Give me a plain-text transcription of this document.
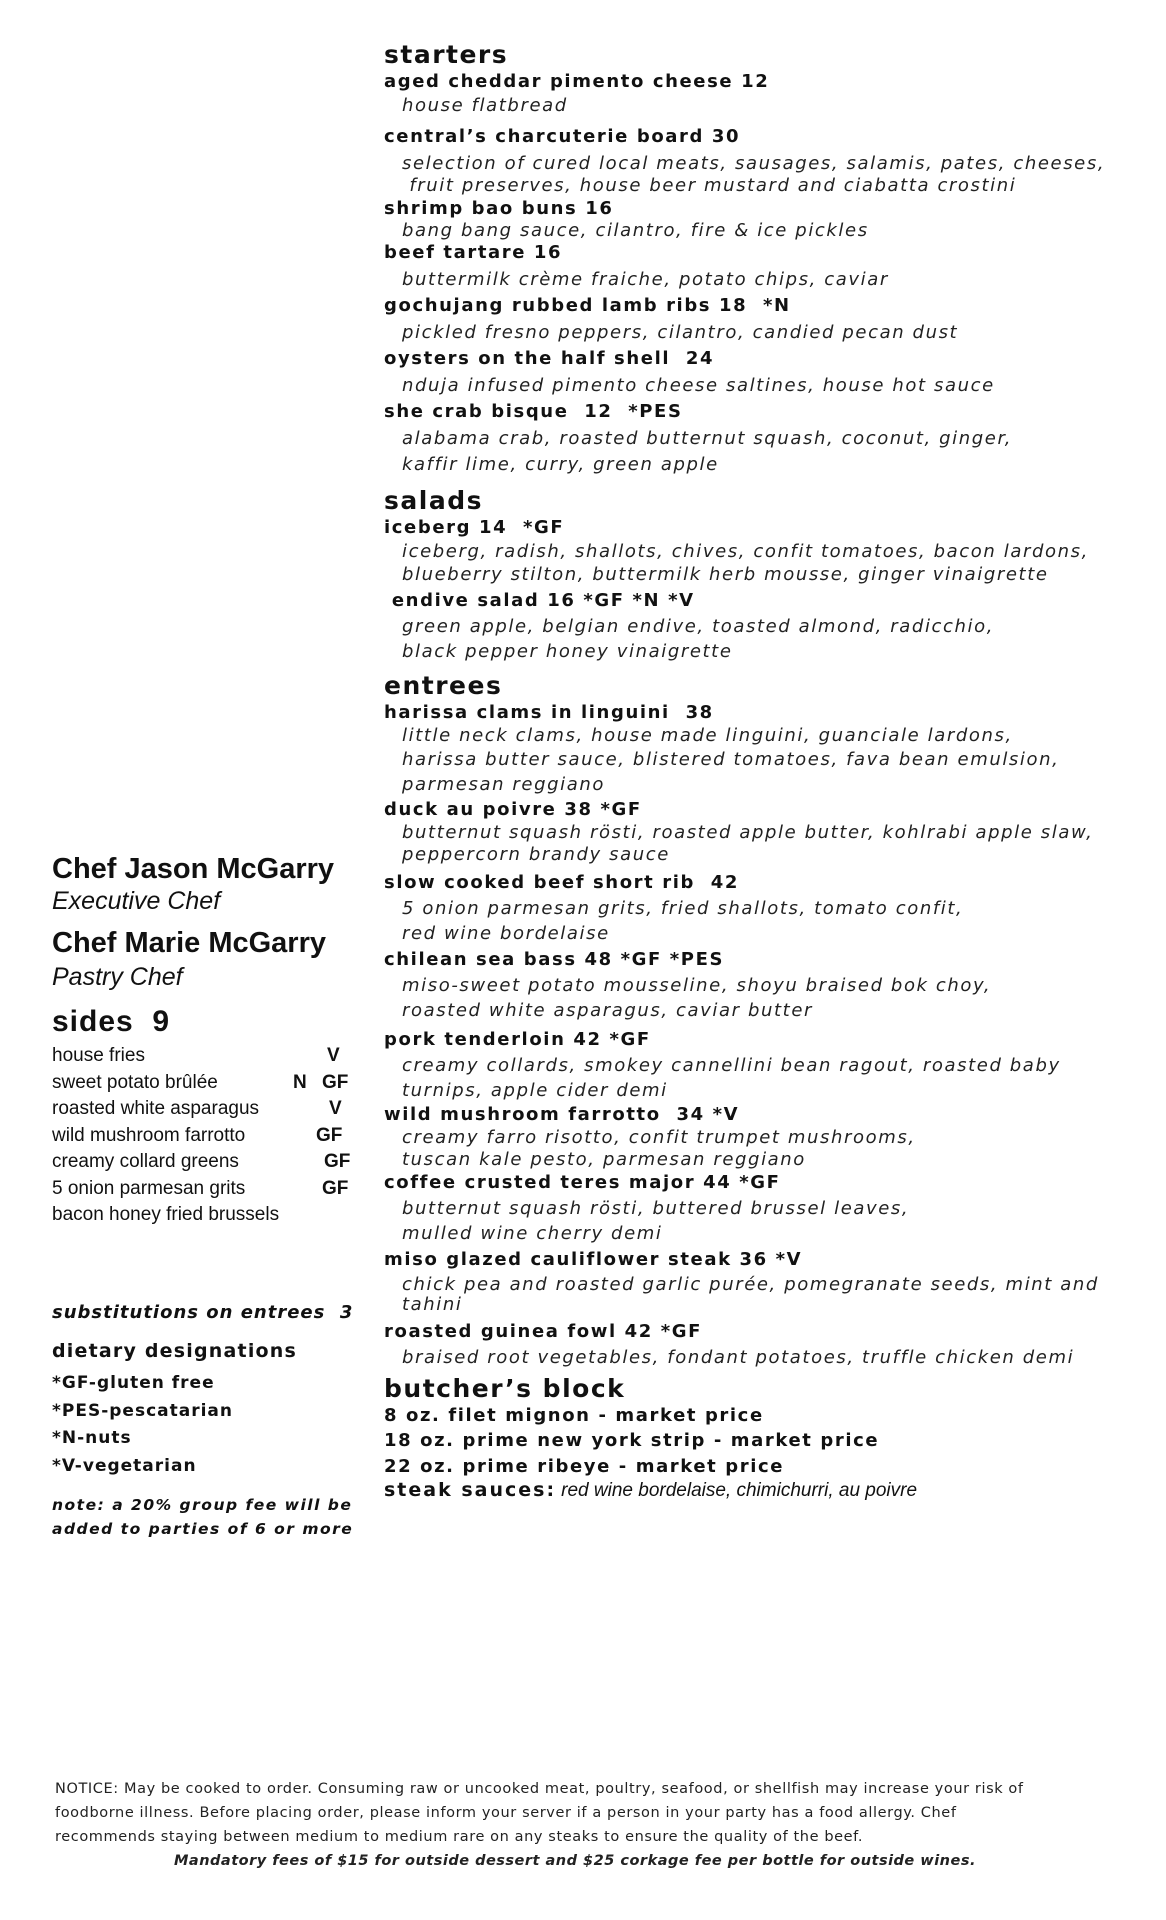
Chef Jason McGarry
Executive Chef
Chef Marie McGarry
Pastry Chef
sides  9
house fries	V
sweet potato brûlée	N GF
roasted white asparagus	V
wild mushroom farrotto	GF
creamy collard greens	GF
5 onion parmesan grits	GF
bacon honey fried brussels
substitutions on entrees  3
dietary designations
*GF-gluten free
*PES-pescatarian
*N-nuts
*V-vegetarian
note: a 20% group fee will be
added to parties of 6 or more
starters
aged cheddar pimento cheese 12
house flatbread
central’s charcuterie board 30
selection of cured local meats, sausages, salamis, pates, cheeses,
fruit preserves, house beer mustard and ciabatta crostini
shrimp bao buns 16
bang bang sauce, cilantro, fire & ice pickles
beef tartare 16
buttermilk crème fraiche, potato chips, caviar
gochujang rubbed lamb ribs 18  *N
pickled fresno peppers, cilantro, candied pecan dust
oysters on the half shell  24
nduja infused pimento cheese saltines, house hot sauce
she crab bisque  12  *PES
alabama crab, roasted butternut squash, coconut, ginger,
kaffir lime, curry, green apple
salads
iceberg 14  *GF
iceberg, radish, shallots, chives, confit tomatoes, bacon lardons,
blueberry stilton, buttermilk herb mousse, ginger vinaigrette
endive salad 16 *GF *N *V
green apple, belgian endive, toasted almond, radicchio,
black pepper honey vinaigrette
entrees
harissa clams in linguini  38
little neck clams, house made linguini, guanciale lardons,
harissa butter sauce, blistered tomatoes, fava bean emulsion,
parmesan reggiano
duck au poivre 38 *GF
butternut squash rösti, roasted apple butter, kohlrabi apple slaw,
peppercorn brandy sauce
slow cooked beef short rib  42
5 onion parmesan grits, fried shallots, tomato confit,
red wine bordelaise
chilean sea bass 48 *GF *PES
miso-sweet potato mousseline, shoyu braised bok choy,
roasted white asparagus, caviar butter
pork tenderloin 42 *GF
creamy collards, smokey cannellini bean ragout, roasted baby
turnips, apple cider demi
wild mushroom farrotto  34 *V
creamy farro risotto, confit trumpet mushrooms,
tuscan kale pesto, parmesan reggiano
coffee crusted teres major 44 *GF
butternut squash rösti, buttered brussel leaves,
mulled wine cherry demi
miso glazed cauliflower steak 36 *V
chick pea and roasted garlic purée, pomegranate seeds, mint and
tahini
roasted guinea fowl 42 *GF
braised root vegetables, fondant potatoes, truffle chicken demi
butcher’s block
8 oz. filet mignon - market price
18 oz. prime new york strip - market price
22 oz. prime ribeye - market price
steak sauces: red wine bordelaise, chimichurri, au poivre
NOTICE: May be cooked to order. Consuming raw or uncooked meat, poultry, seafood, or shellfish may increase your risk of
foodborne illness. Before placing order, please inform your server if a person in your party has a food allergy. Chef
recommends staying between medium to medium rare on any steaks to ensure the quality of the beef.
Mandatory fees of $15 for outside dessert and $25 corkage fee per bottle for outside wines.
